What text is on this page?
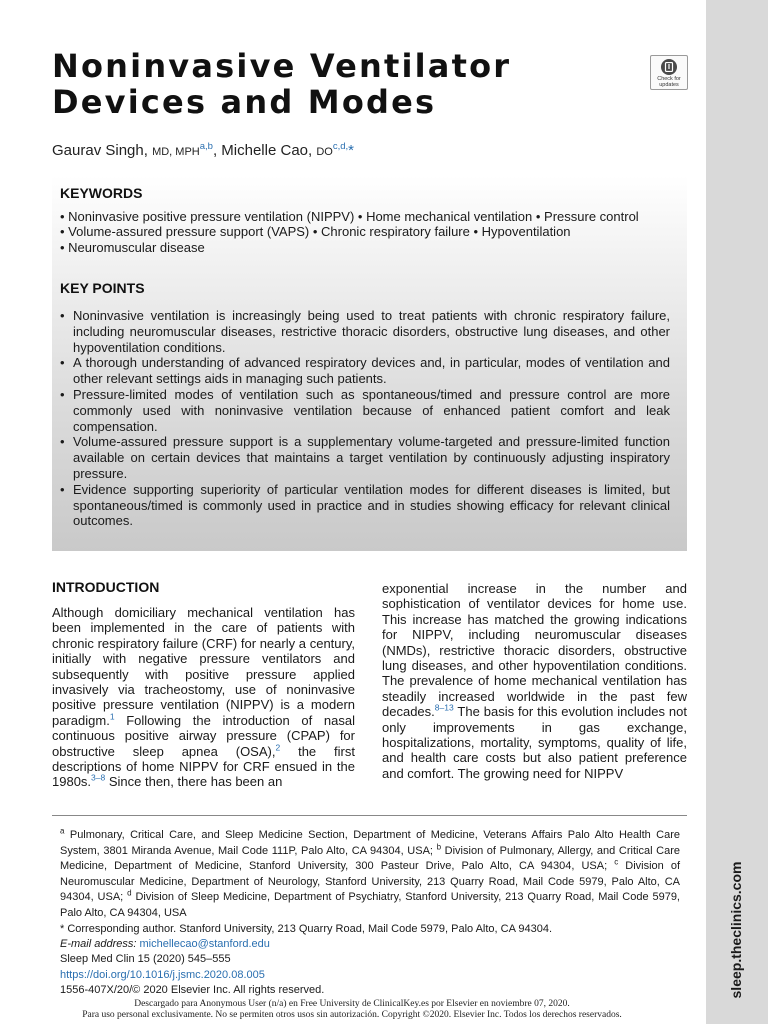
sleep.theclinics.com
Check for
updates
Noninvasive Ventilator
Devices and Modes
Gaurav Singh, MD, MPH$^{a,b}$, Michelle Cao, $DO^{c,d,}*$
KEYWORDS
• Noninvasive positive pressure ventilation (NIPPV) • Home mechanical ventilation • Pressure control
• Volume-assured pressure support (VAPS) • Chronic respiratory failure • Hypoventilation
• Neuromuscular disease
KEY POINTS
• Noninvasive ventilation is increasingly being used to treat patients with chronic respiratory failure, including neuromuscular diseases, restrictive thoracic disorders, obstructive lung diseases, and other hypoventilation conditions.
• A thorough understanding of advanced respiratory devices and, in particular, modes of ventilation and other relevant settings aids in managing such patients.
• Pressure-limited modes of ventilation such as spontaneous/timed and pressure control are more commonly used with noninvasive ventilation because of enhanced patient comfort and leak compensation.
• Volume-assured pressure support is a supplementary volume-targeted and pressure-limited function available on certain devices that maintains a target ventilation by continuously adjusting inspiratory pressure.
• Evidence supporting superiority of particular ventilation modes for different diseases is limited, but spontaneous/timed is commonly used in practice and in studies showing efficacy for relevant clinical outcomes.
INTRODUCTION

Although domiciliary mechanical ventilation has been implemented in the care of patients with chronic respiratory failure (CRF) for nearly a century, initially with negative pressure ventilators and subsequently with positive pressure applied invasively via tracheostomy, use of noninvasive positive pressure ventilation (NIPPV) is a modern paradigm.$^1$ Following the introduction of nasal continuous positive airway pressure (CPAP) for obstructive sleep apnea (OSA),$^2$ the first descriptions of home NIPPV for CRF ensued in the 1980s.$^{3-8}$ Since then, there has been an

exponential increase in the number and sophistication of ventilator devices for home use. This increase has matched the growing indications for NIPPV, including neuromuscular diseases (NMDs), restrictive thoracic disorders, obstructive lung diseases, and other hypoventilation conditions. The prevalence of home mechanical ventilation has steadily increased worldwide in the past few decades.$^{8-13}$ The basis for this evolution includes not only improvements in gas exchange, hospitalizations, mortality, symptoms, quality of life, and health care costs but also patient preference and comfort. The growing need for NIPPV

$^a$ Pulmonary, Critical Care, and Sleep Medicine Section, Department of Medicine, Veterans Affairs Palo Alto Health Care System, 3801 Miranda Avenue, Mail Code 111P, Palo Alto, CA 94304, USA; $^b$ Division of Pulmonary, Allergy, and Critical Care Medicine, Department of Medicine, Stanford University, 300 Pasteur Drive, Palo Alto, CA 94304, USA; $^c$ Division of Neuromuscular Medicine, Department of Neurology, Stanford University, 213 Quarry Road, Mail Code 5979, Palo Alto, CA 94304, USA; $^d$ Division of Sleep Medicine, Department of Psychiatry, Stanford University, 213 Quarry Road, Mail Code 5979, Palo Alto, CA 94304, USA

* Corresponding author. Stanford University, 213 Quarry Road, Mail Code 5979, Palo Alto, CA 94304.

E-mail address: michellecao@stanford.edu

Sleep Med Clin 15 (2020) 545–555
https://doi.org/10.1016/j.jsmc.2020.08.005
1556-407X/20/© 2020 Elsevier Inc. All rights reserved.
Descargado para Anonymous User (n/a) en Free University de ClinicalKey.es por Elsevier en noviembre 07, 2020.
Para uso personal exclusivamente. No se permiten otros usos sin autorización. Copyright ©2020. Elsevier Inc. Todos los derechos reservados.
